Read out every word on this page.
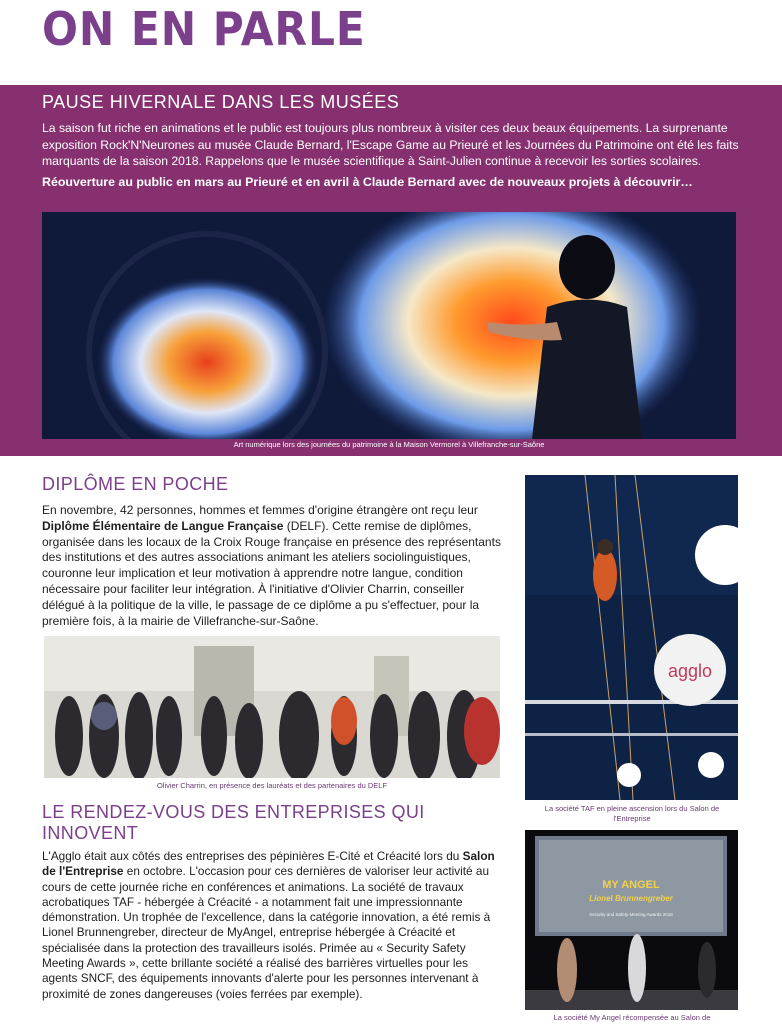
ON EN PARLE
PAUSE HIVERNALE DANS LES MUSÉES
La saison fut riche en animations et le public est toujours plus nombreux à visiter ces deux beaux équipements. La surprenante exposition Rock'N'Neurones au musée Claude Bernard, l'Escape Game au Prieuré et les Journées du Patrimoine ont été les faits marquants de la saison 2018. Rappelons que le musée scientifique à Saint-Julien continue à recevoir les sorties scolaires.
Réouverture au public en mars au Prieuré et en avril à Claude Bernard avec de nouveaux projets à découvrir…
Art numérique lors des journées du patrimoine à la Maison Vermorel à Villefranche-sur-Saône
DIPLÔME EN POCHE
En novembre, 42 personnes, hommes et femmes d'origine étrangère ont reçu leur Diplôme Élémentaire de Langue Française (DELF). Cette remise de diplômes, organisée dans les locaux de la Croix Rouge française en présence des représentants des institutions et des autres associations animant les ateliers sociolinguistiques, couronne leur implication et leur motivation à apprendre notre langue, condition nécessaire pour faciliter leur intégration. À l'initiative d'Olivier Charrin, conseiller délégué à la politique de la ville, le passage de ce diplôme a pu s'effectuer, pour la première fois, à la mairie de Villefranche-sur-Saône.
Olivier Charrin, en présence des lauréats et des partenaires du DELF
LE RENDEZ-VOUS DES ENTREPRISES QUI
INNOVENT
L'Agglo était aux côtés des entreprises des pépinières E-Cité et Créacité lors du Salon de l'Entreprise en octobre. L'occasion pour ces dernières de valoriser leur activité au cours de cette journée riche en conférences et animations. La société de travaux acrobatiques TAF - hébergée à Créacité - a notamment fait une impressionnante démonstration. Un trophée de l'excellence, dans la catégorie innovation, a été remis à Lionel Brunnengreber, directeur de MyAngel, entreprise hébergée à Créacité et spécialisée dans la protection des travailleurs isolés. Primée au « Security Safety Meeting Awards », cette brillante société a réalisé des barrières virtuelles pour les agents SNCF, des équipements innovants d'alerte pour les personnes intervenant à proximité de zones dangereuses (voies ferrées par exemple).
agglo
La société TAF en pleine ascension lors du Salon de l'Entreprise
MY ANGEL
Lionel Brunnengreber
Security and Safety Meeting Awards 2018
La société My Angel récompensée au Salon de
